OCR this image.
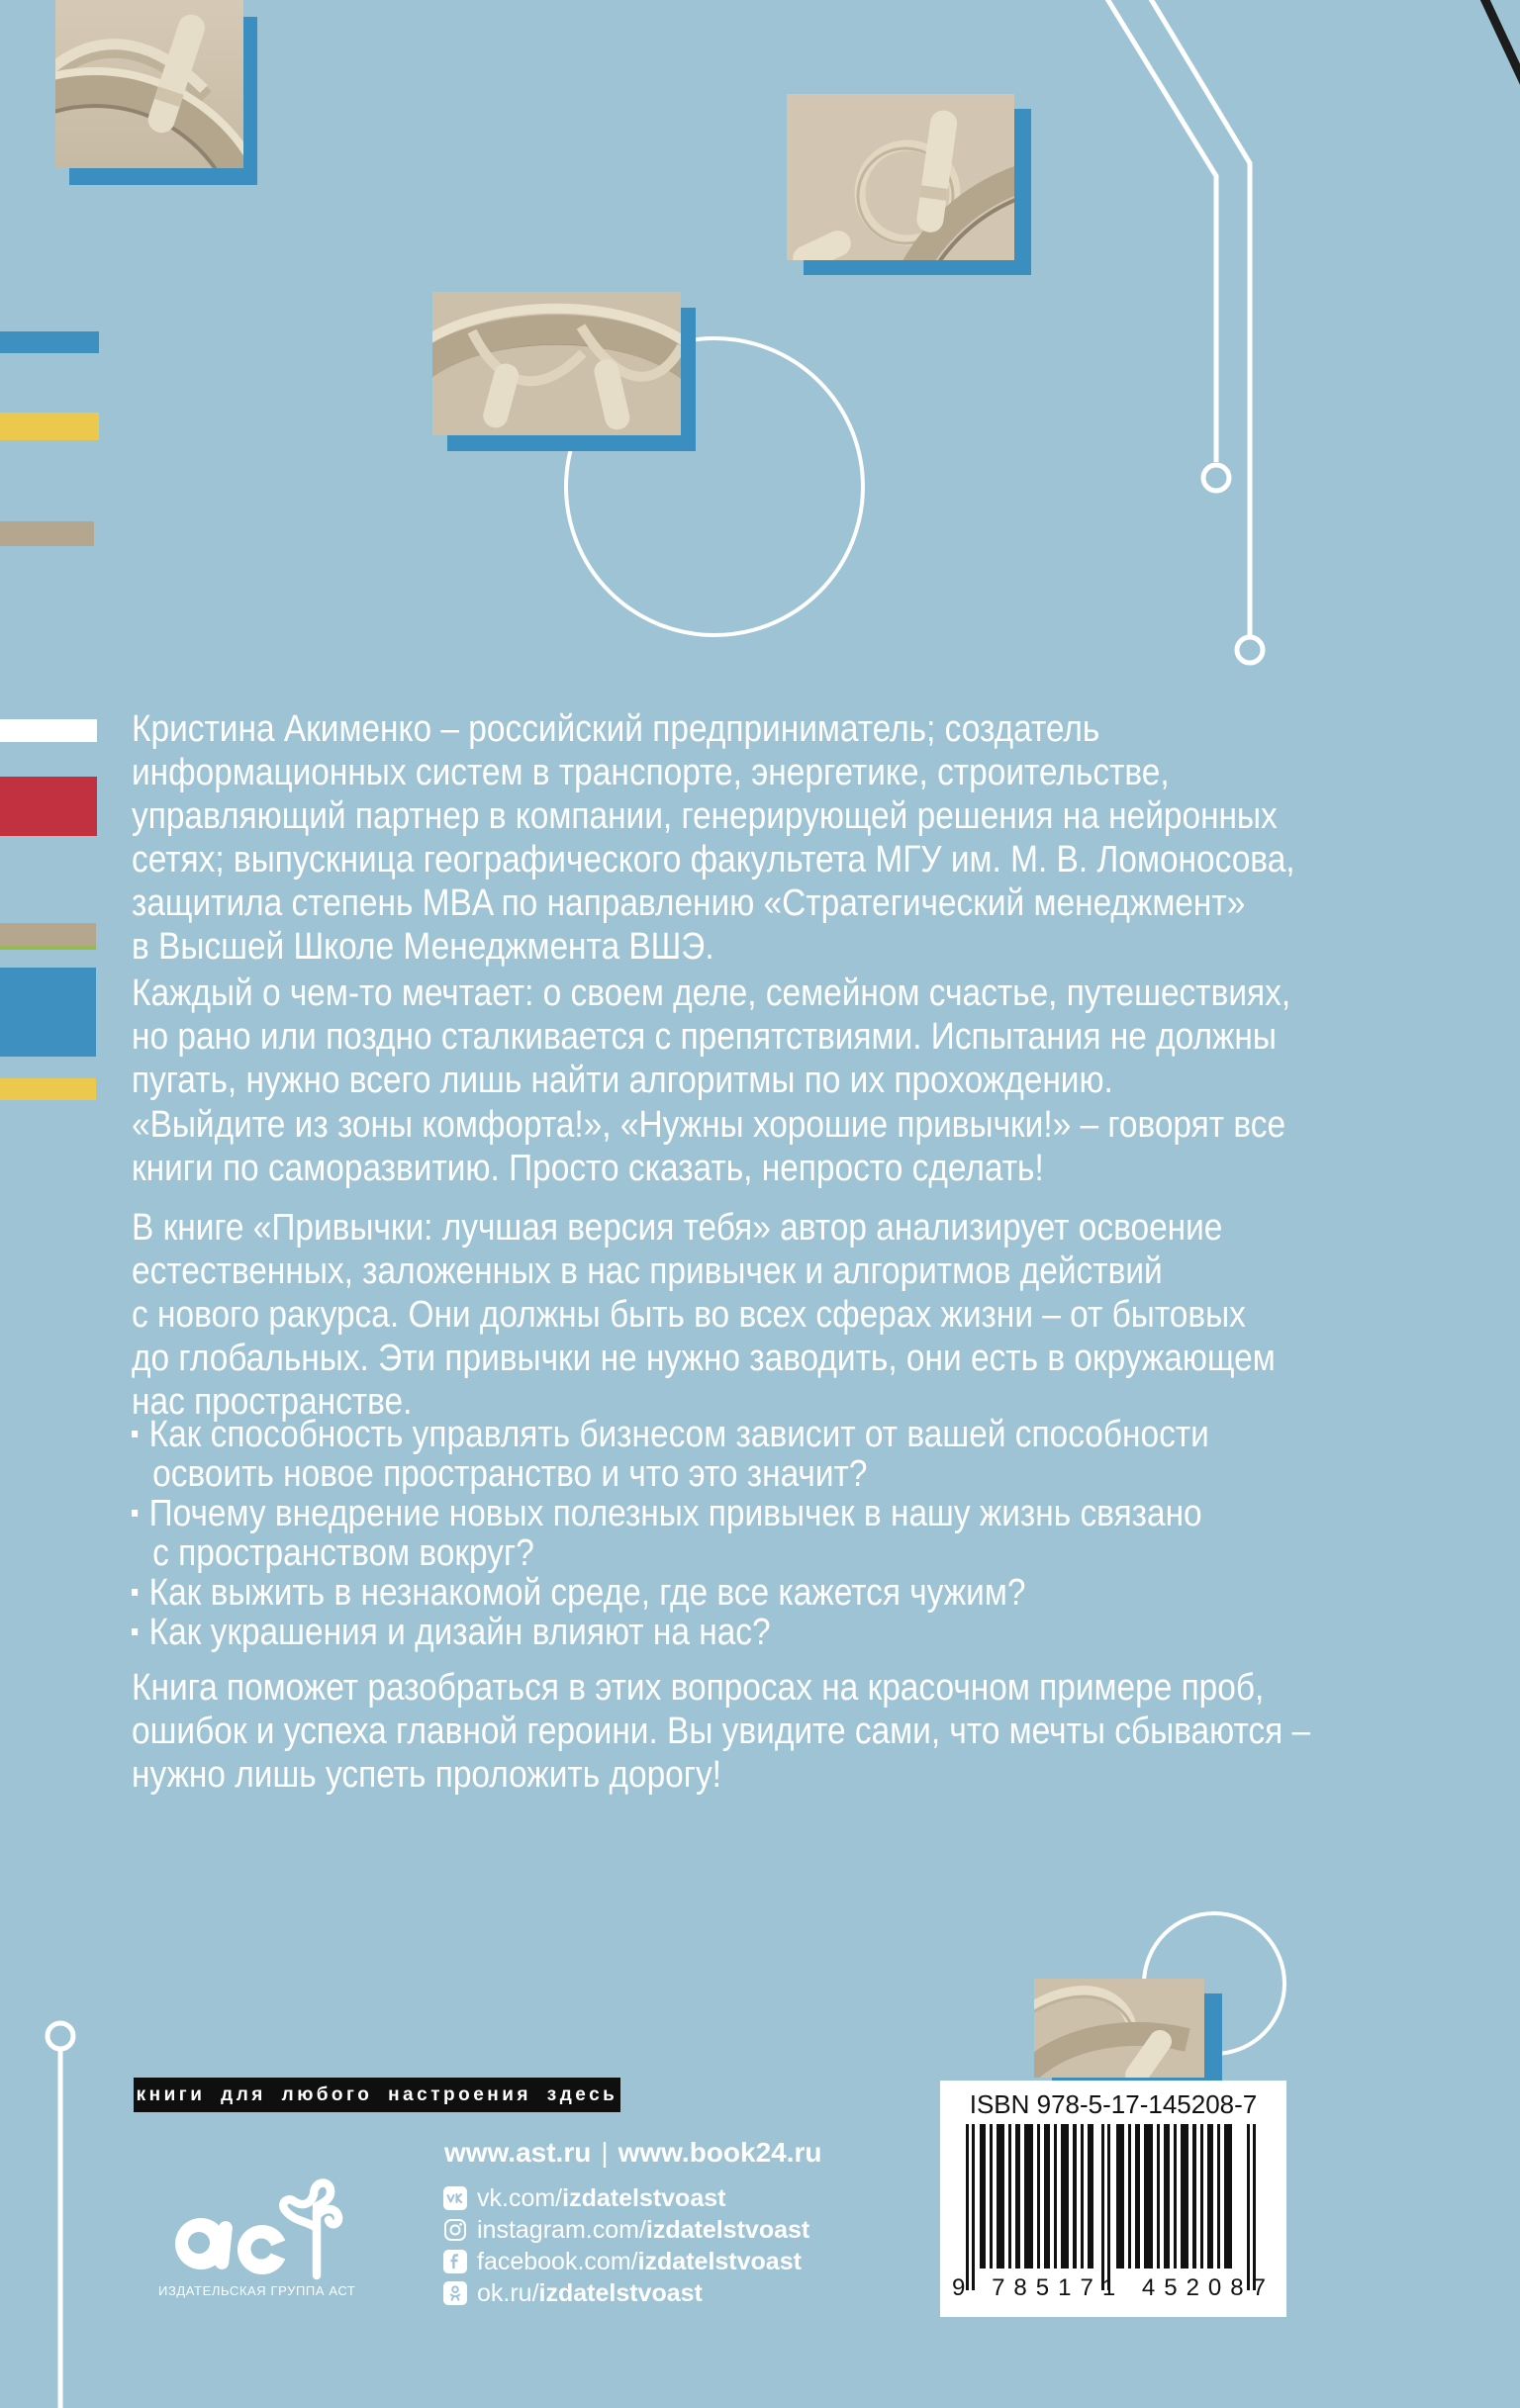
Кристина Акименко – российский предприниматель; создатель
информационных систем в транспорте, энергетике, строительстве,
управляющий партнер в компании, генерирующей решения на нейронных
сетях; выпускница географического факультета МГУ им. М. В. Ломоносова,
защитила степень MBA по направлению «Стратегический менеджмент»
в Высшей Школе Менеджмента ВШЭ.
Каждый о чем-то мечтает: о своем деле, семейном счастье, путешествиях,
но рано или поздно сталкивается с препятствиями. Испытания не должны
пугать, нужно всего лишь найти алгоритмы по их прохождению.
«Выйдите из зоны комфорта!», «Нужны хорошие привычки!» – говорят все
книги по саморазвитию. Просто сказать, непросто сделать!
В книге «Привычки: лучшая версия тебя» автор анализирует освоение
естественных, заложенных в нас привычек и алгоритмов действий
с нового ракурса. Они должны быть во всех сферах жизни – от бытовых
до глобальных. Эти привычки не нужно заводить, они есть в окружающем
нас пространстве.
Как способность управлять бизнесом зависит от вашей способности
освоить новое пространство и что это значит?
Почему внедрение новых полезных привычек в нашу жизнь связано
с пространством вокруг?
Как выжить в незнакомой среде, где все кажется чужим?
Как украшения и дизайн влияют на нас?
Книга поможет разобраться в этих вопросах на красочном примере проб,
ошибок и успеха главной героини. Вы увидите сами, что мечты сбываются –
нужно лишь успеть проложить дорогу!
книги для любого настроения здесь
ИЗДАТЕЛЬСКАЯ ГРУППА АСТ
www.ast.ru | www.book24.ru
vk.com/izdatelstvoast
instagram.com/izdatelstvoast
facebook.com/izdatelstvoast
ok.ru/izdatelstvoast
ISBN 978-5-17-145208-7
9 785171 452087
